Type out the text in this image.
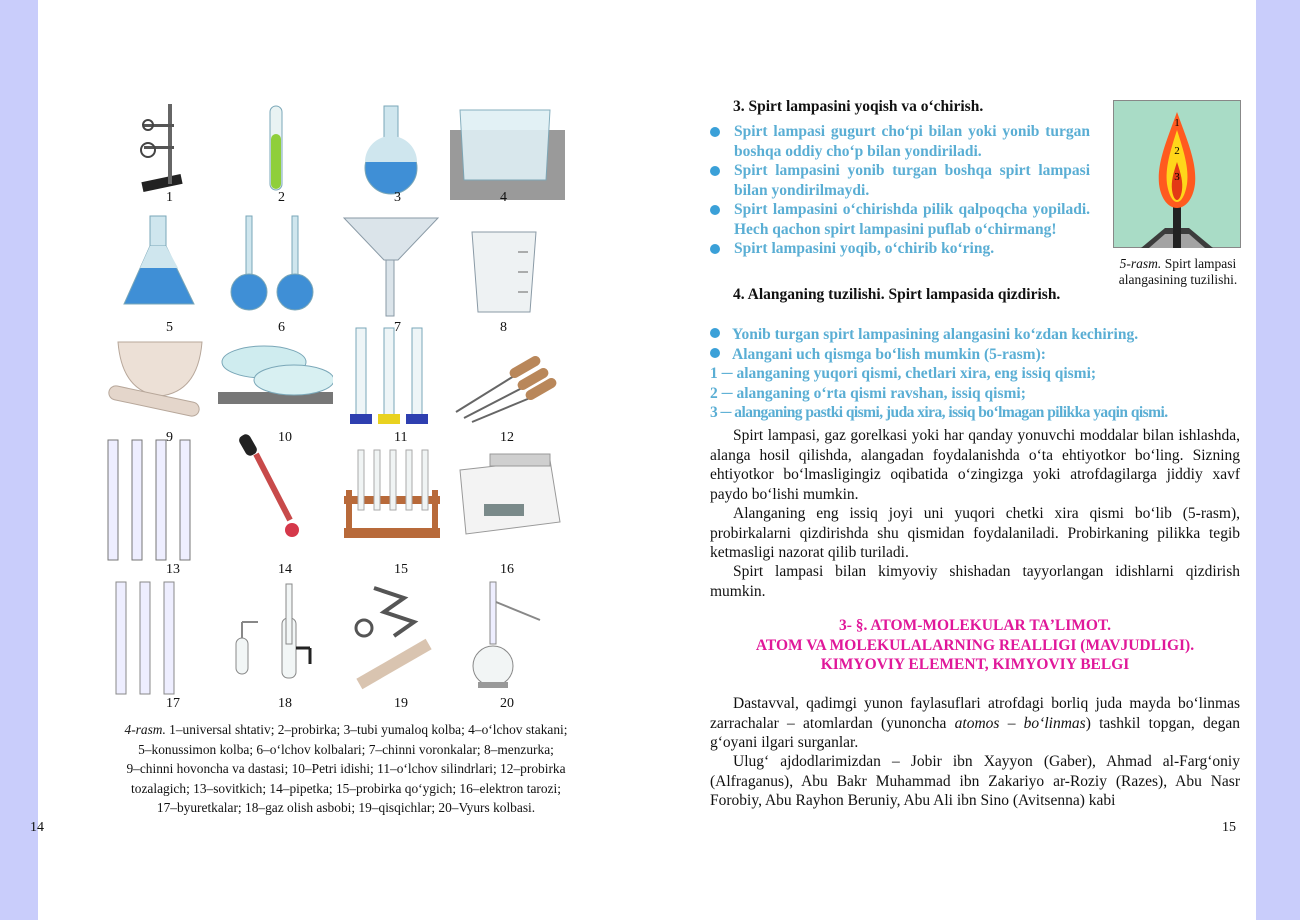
1	2	3	4
5	6	7	8
9	10	11	12
13	14	15	16
17	18	19	20
4-rasm. 1–universal shtativ; 2–probirka; 3–tubi yumaloq kolba; 4–oʻlchov stakani;
5–konussimon kolba; 6–oʻlchov kolbalari; 7–chinni voronkalar; 8–menzurka;
9–chinni hovoncha va dastasi; 10–Petri idishi; 11–oʻlchov silindrlari; 12–probirka
tozalagich; 13–sovitkich; 14–pipetka; 15–probirka qoʻygich; 16–elektron tarozi;
17–byuretkalar; 18–gaz olish asbobi; 19–qisqichlar; 20–Vyurs kolbasi.
14
3. Spirt lampasini yoqish va oʻchirish.
Spirt lampasi gugurt choʻpi bilan yoki yonib turgan boshqa oddiy choʻp bilan yondiriladi.
Spirt lampasini yonib turgan boshqa spirt lampasi bilan yondirilmaydi.
Spirt lampasini oʻchirishda pilik qalpoqcha yopiladi. Hech qachon spirt lampasini puflab oʻchirmang!
Spirt lampasini yoqib, oʻchirib koʻring.
4. Alanganing tuzilishi. Spirt lampasida qizdirish.
Yonib turgan spirt lampasining alangasini koʻzdan kechiring.
Alangani uch qismga boʻlish mumkin (5-rasm):
1 ─ alanganing yuqori qismi, chetlari xira, eng issiq qismi;
2 ─ alanganing oʻrta qismi ravshan, issiq qismi;
3 ─ alanganing pastki qismi, juda xira, issiq boʻlmagan pilikka yaqin qismi.
Spirt lampasi, gaz gorelkasi yoki har qanday yonuvchi moddalar bilan ishlashda, alanga hosil qilishda, alangadan foydalanishda oʻta ehtiyotkor boʻling. Sizning ehtiyotkor boʻlmasligingiz oqibatida oʻzingizga yoki atrofdagilarga jiddiy xavf paydo boʻlishi mumkin.
Alanganing eng issiq joyi uni yuqori chetki xira qismi boʻlib (5-rasm), probirkalarni qizdirishda shu qismidan foydalaniladi. Probirkaning pilikka tegib ketmasligi nazorat qilib turiladi.
Spirt lampasi bilan kimyoviy shishadan tayyorlangan idishlarni qizdirish mumkin.
3- §. ATOM-MOLEKULAR TAʼLIMOT.
ATOM VA MOLEKULALARNING REALLIGI (MAVJUDLIGI).
KIMYOVIY ELEMENT, KIMYOVIY BELGI
Dastavval, qadimgi yunon faylasuflari atrofdagi borliq juda mayda boʻlinmas zarrachalar – atomlardan (yunoncha atomos – boʻlinmas) tashkil topgan, degan gʻoyani ilgari surganlar.
Ulugʻ ajdodlarimizdan – Jobir ibn Xayyon (Gaber), Ahmad al-Fargʻoniy (Alfraganus), Abu Bakr Muhammad ibn Zakariyo ar-Roziy (Razes), Abu Nasr Forobiy, Abu Rayhon Beruniy, Abu Ali ibn Sino (Avitsenna) kabi
1
2
3
5-rasm. Spirt lampasi alangasining tuzilishi.
15
